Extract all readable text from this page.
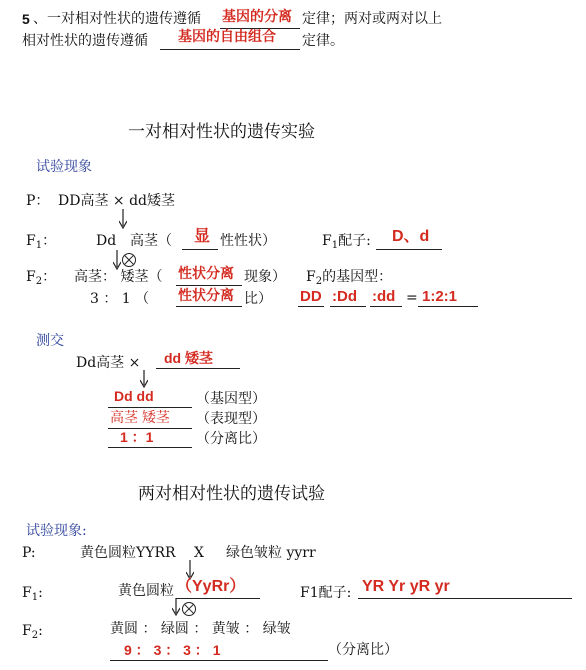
5 、一对相对性状的遗传遵循 基因的分离 定律；两对或两对以上
相对性状的遗传遵循 基因的自由组合 定律。
一对相对性状的遗传实验
试验现象
P： DD高茎 × dd矮茎
$F_1$：	Dd 高茎（ 显 性性状）	$F_1$配子: D、d
$F_2$： 高茎： 矮茎（ 性状分离 现象） $F_2$的基因型：
3 ： 1 （ 性状分离 比） DD :Dd :dd = 1:2:1
测交
Dd高茎 × dd 矮茎
Dd dd	（基因型）
高茎 矮茎 （表现型）
1 ：1	（分离比）
两对相对性状的遗传试验
试验现象:
P:	黄色圆粒YYRR X 绿色皱粒 yyrr
$F_1$:	黄色圆粒 （YyRr）	F1配子: YR Yr yR yr
$F_2$:	黄圆 ： 绿圆 ： 黄皱 ： 绿皱
9 ： 3 ： 3 ： 1	（分离比）
